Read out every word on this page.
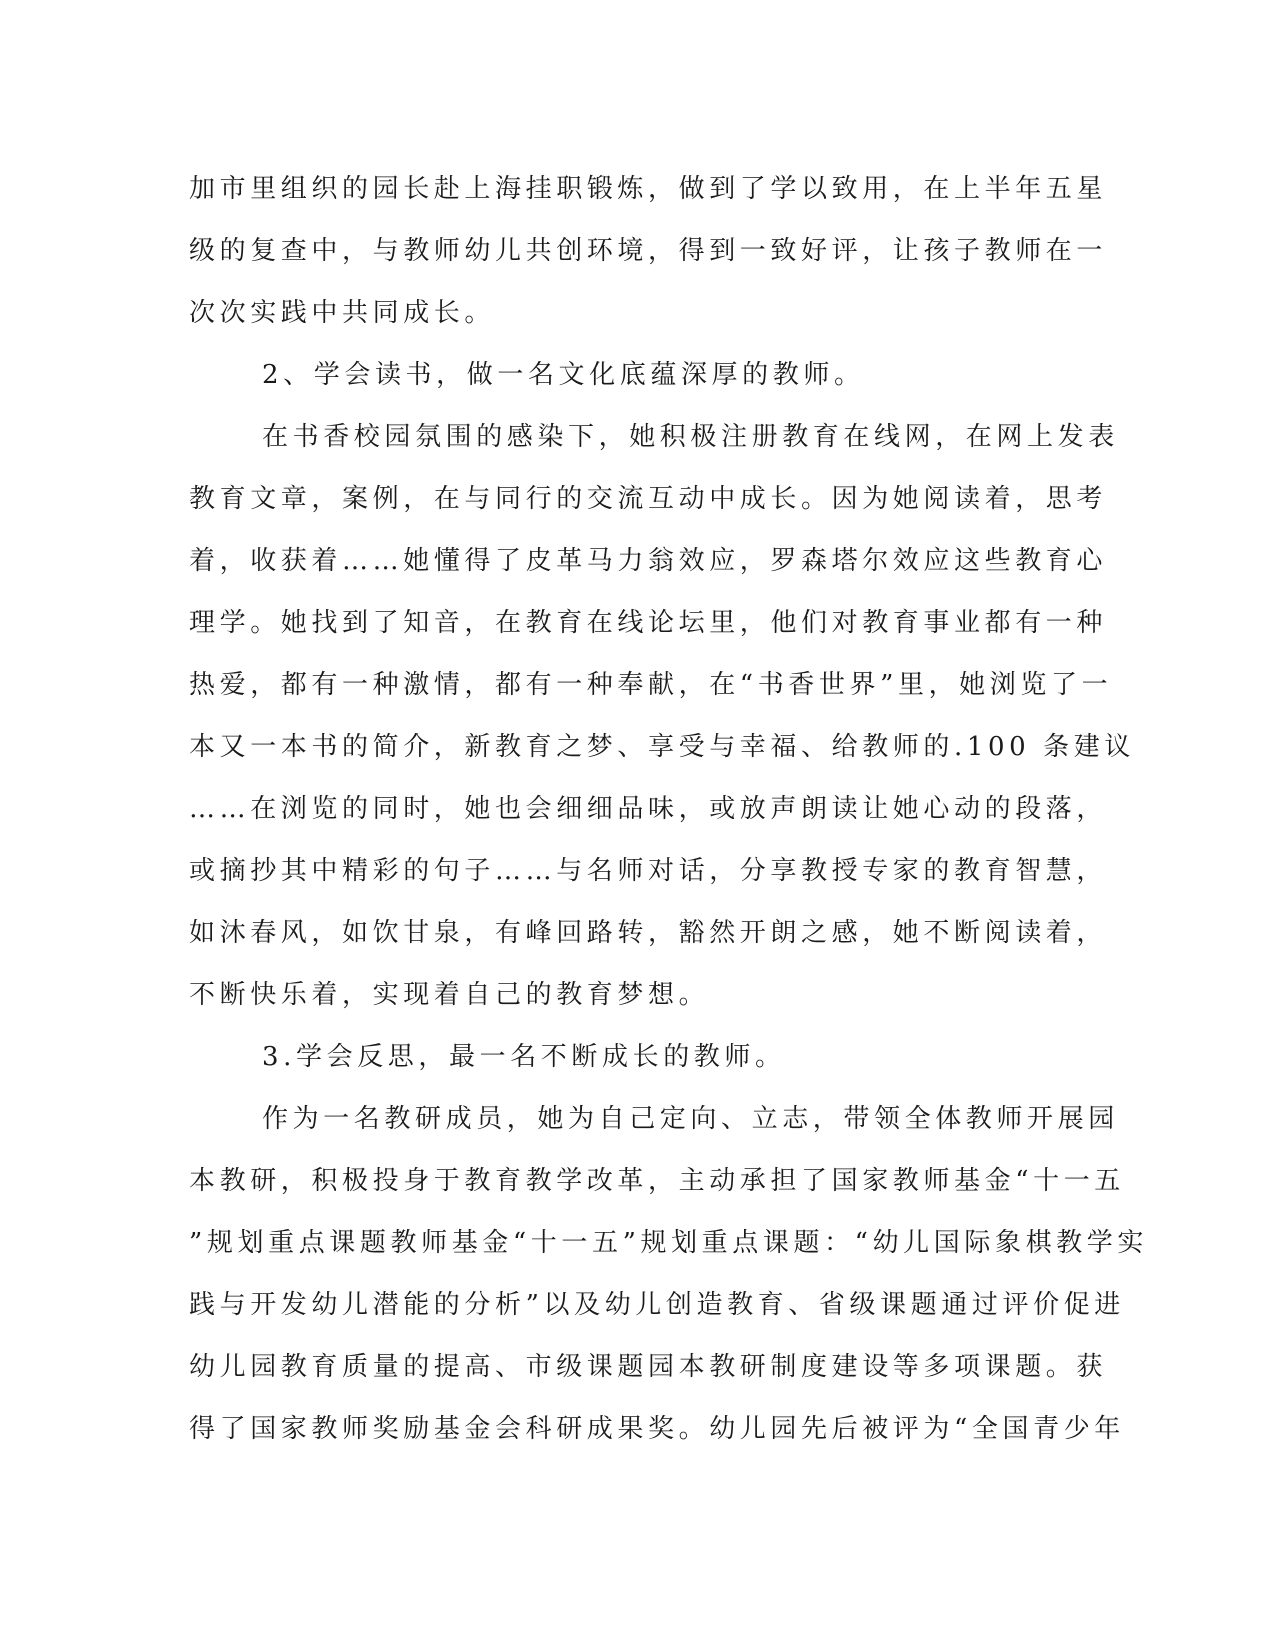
加市里组织的园长赴上海挂职锻炼，做到了学以致用，在上半年五星
级的复查中，与教师幼儿共创环境，得到一致好评，让孩子教师在一
次次实践中共同成长。
2、学会读书，做一名文化底蕴深厚的教师。
在书香校园氛围的感染下，她积极注册教育在线网，在网上发表
教育文章，案例，在与同行的交流互动中成长。因为她阅读着，思考
着，收获着……她懂得了皮革马力翁效应，罗森塔尔效应这些教育心
理学。她找到了知音，在教育在线论坛里，他们对教育事业都有一种
热爱，都有一种激情，都有一种奉献，在“书香世界”里，她浏览了一
本又一本书的简介，新教育之梦、享受与幸福、给教师的.100 条建议
……在浏览的同时，她也会细细品味，或放声朗读让她心动的段落，
或摘抄其中精彩的句子……与名师对话，分享教授专家的教育智慧，
如沐春风，如饮甘泉，有峰回路转，豁然开朗之感，她不断阅读着，
不断快乐着，实现着自己的教育梦想。
3.学会反思，最一名不断成长的教师。
作为一名教研成员，她为自己定向、立志，带领全体教师开展园
本教研，积极投身于教育教学改革，主动承担了国家教师基金“十一五
”规划重点课题教师基金“十一五”规划重点课题：“幼儿国际象棋教学实
践与开发幼儿潜能的分析”以及幼儿创造教育、省级课题通过评价促进
幼儿园教育质量的提高、市级课题园本教研制度建设等多项课题。获
得了国家教师奖励基金会科研成果奖。幼儿园先后被评为“全国青少年
